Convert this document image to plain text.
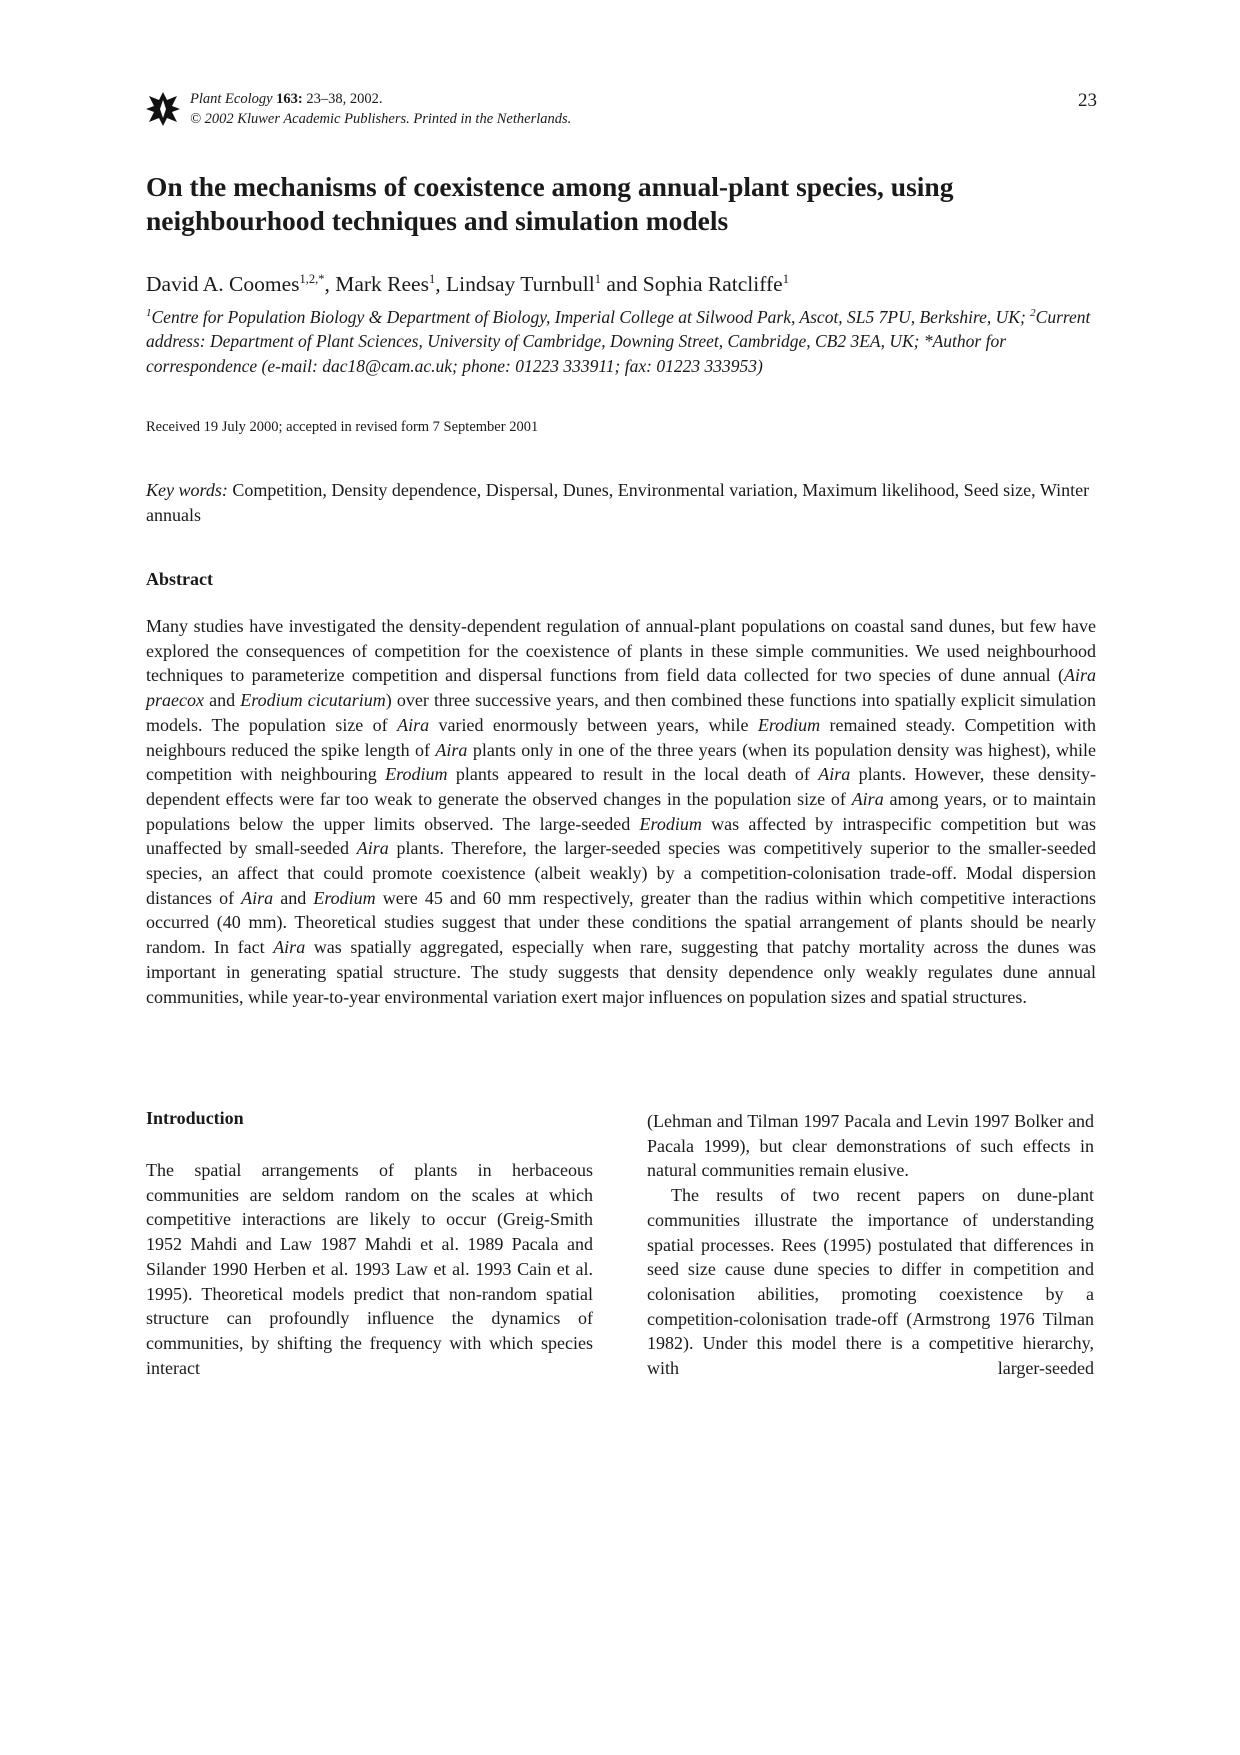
Plant Ecology 163: 23–38, 2002.
© 2002 Kluwer Academic Publishers. Printed in the Netherlands.
23
On the mechanisms of coexistence among annual-plant species, using neighbourhood techniques and simulation models
David A. Coomes$^{1,2,*}$, Mark Rees$^1$, Lindsay Turnbull$^1$ and Sophia Ratcliffe$^1$
$^1$Centre for Population Biology & Department of Biology, Imperial College at Silwood Park, Ascot, SL5 7PU, Berkshire, UK; $^2$Current address: Department of Plant Sciences, University of Cambridge, Downing Street, Cambridge, CB2 3EA, UK; *Author for correspondence (e-mail: dac18@cam.ac.uk; phone: 01223 333911; fax: 01223 333953)
Received 19 July 2000; accepted in revised form 7 September 2001
Key words: Competition, Density dependence, Dispersal, Dunes, Environmental variation, Maximum likelihood, Seed size, Winter annuals
Abstract
Many studies have investigated the density-dependent regulation of annual-plant populations on coastal sand dunes, but few have explored the consequences of competition for the coexistence of plants in these simple communities. We used neighbourhood techniques to parameterize competition and dispersal functions from field data collected for two species of dune annual (Aira praecox and Erodium cicutarium) over three successive years, and then combined these functions into spatially explicit simulation models. The population size of Aira varied enormously between years, while Erodium remained steady. Competition with neighbours reduced the spike length of Aira plants only in one of the three years (when its population density was highest), while competition with neighbouring Erodium plants appeared to result in the local death of Aira plants. However, these density-dependent effects were far too weak to generate the observed changes in the population size of Aira among years, or to maintain populations below the upper limits observed. The large-seeded Erodium was affected by intraspecific competition but was unaffected by small-seeded Aira plants. Therefore, the larger-seeded species was competitively superior to the smaller-seeded species, an affect that could promote coexistence (albeit weakly) by a competition-colonisation trade-off. Modal dispersion distances of Aira and Erodium were 45 and 60 mm respectively, greater than the radius within which competitive interactions occurred (40 mm). Theoretical studies suggest that under these conditions the spatial arrangement of plants should be nearly random. In fact Aira was spatially aggregated, especially when rare, suggesting that patchy mortality across the dunes was important in generating spatial structure. The study suggests that density dependence only weakly regulates dune annual communities, while year-to-year environmental variation exert major influences on population sizes and spatial structures.
Introduction

The spatial arrangements of plants in herbaceous communities are seldom random on the scales at which competitive interactions are likely to occur (Greig-Smith 1952 Mahdi and Law 1987 Mahdi et al. 1989 Pacala and Silander 1990 Herben et al. 1993 Law et al. 1993 Cain et al. 1995). Theoretical models predict that non-random spatial structure can profoundly influence the dynamics of communities, by shifting the frequency with which species interact

(Lehman and Tilman 1997 Pacala and Levin 1997 Bolker and Pacala 1999), but clear demonstrations of such effects in natural communities remain elusive.

The results of two recent papers on dune-plant communities illustrate the importance of understanding spatial processes. Rees (1995) postulated that differences in seed size cause dune species to differ in competition and colonisation abilities, promoting coexistence by a competition-colonisation trade-off (Armstrong 1976 Tilman 1982). Under this model there is a competitive hierarchy, with larger-seeded
